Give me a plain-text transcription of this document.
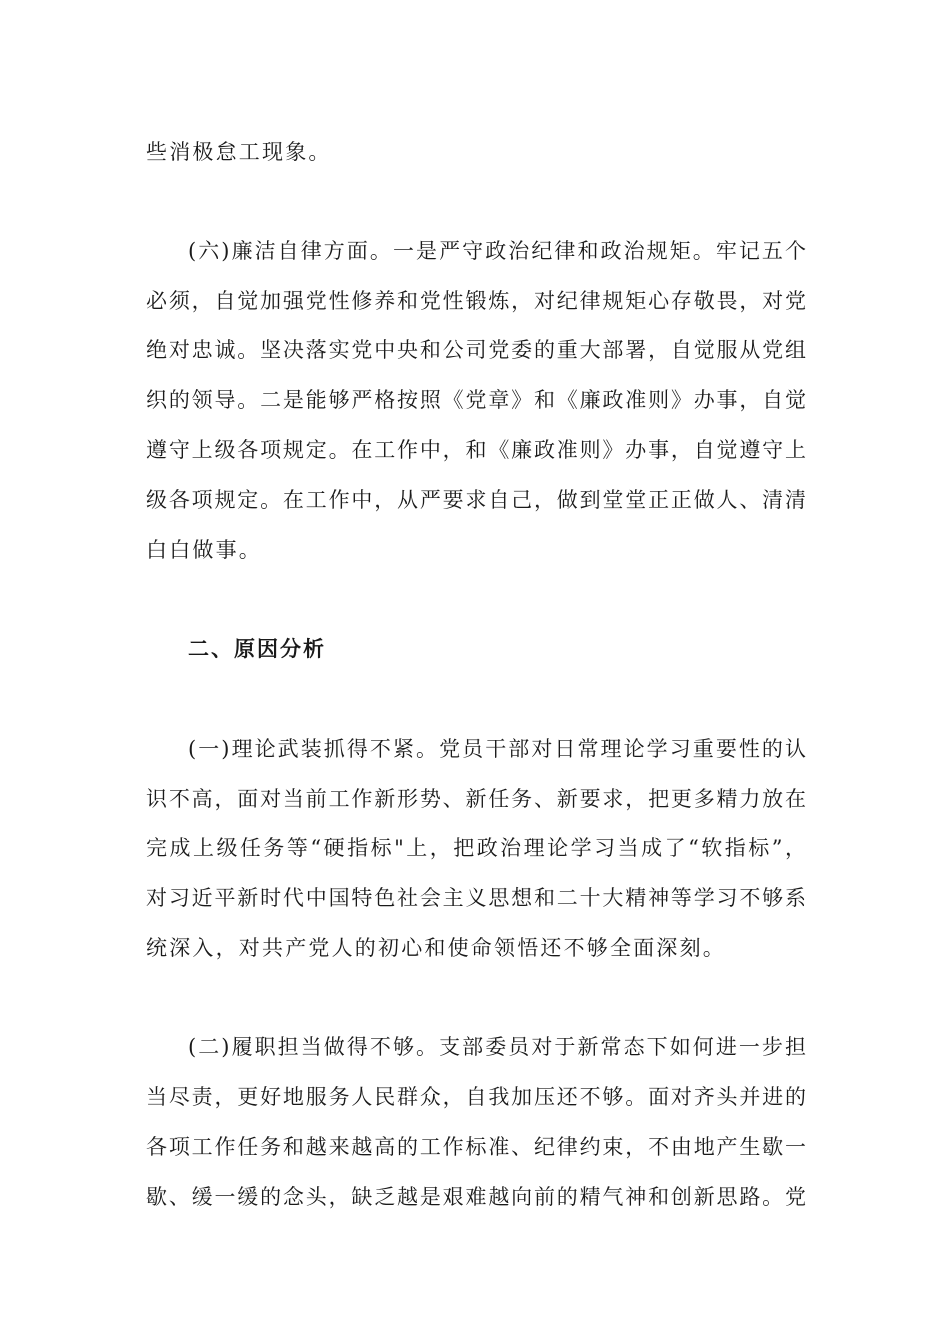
些消极怠工现象。
(六)廉洁自律方面。一是严守政治纪律和政治规矩。牢记五个
必须，自觉加强党性修养和党性锻炼，对纪律规矩心存敬畏，对党
绝对忠诚。坚决落实党中央和公司党委的重大部署，自觉服从党组
织的领导。二是能够严格按照《党章》和《廉政准则》办事，自觉
遵守上级各项规定。在工作中，和《廉政准则》办事，自觉遵守上
级各项规定。在工作中，从严要求自己，做到堂堂正正做人、清清
白白做事。
二、原因分析
(一)理论武装抓得不紧。党员干部对日常理论学习重要性的认
识不高，面对当前工作新形势、新任务、新要求，把更多精力放在
完成上级任务等“硬指标"上，把政治理论学习当成了“软指标”，
对习近平新时代中国特色社会主义思想和二十大精神等学习不够系
统深入，对共产党人的初心和使命领悟还不够全面深刻。
(二)履职担当做得不够。支部委员对于新常态下如何进一步担
当尽责，更好地服务人民群众，自我加压还不够。面对齐头并进的
各项工作任务和越来越高的工作标准、纪律约束，不由地产生歇一
歇、缓一缓的念头，缺乏越是艰难越向前的精气神和创新思路。党
